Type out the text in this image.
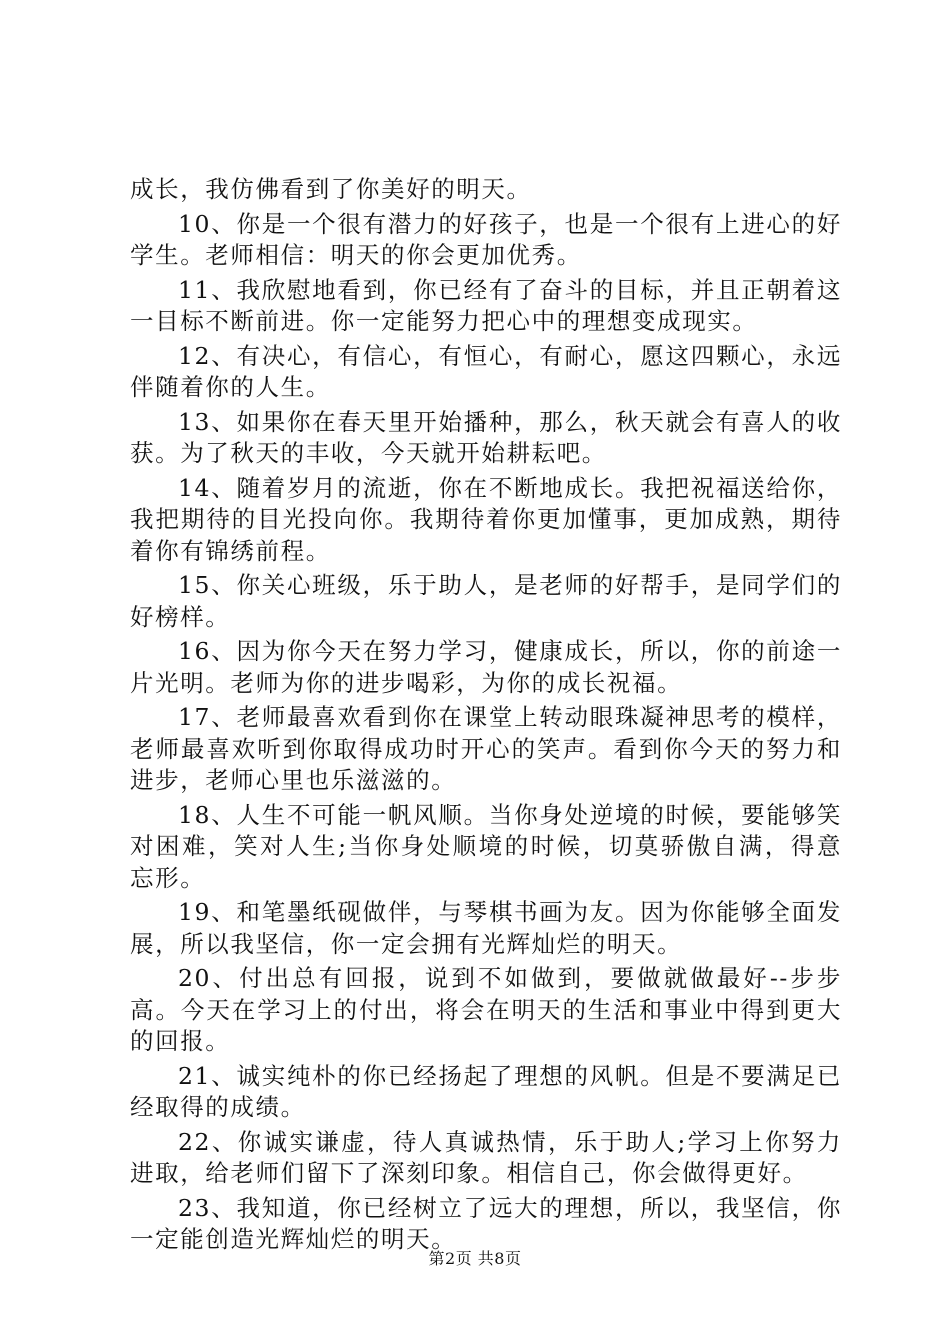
成长，我仿佛看到了你美好的明天。

10、你是一个很有潜力的好孩子，也是一个很有上进心的好学生。老师相信：明天的你会更加优秀。

11、我欣慰地看到，你已经有了奋斗的目标，并且正朝着这一目标不断前进。你一定能努力把心中的理想变成现实。

12、有决心，有信心，有恒心，有耐心，愿这四颗心，永远伴随着你的人生。

13、如果你在春天里开始播种，那么，秋天就会有喜人的收获。为了秋天的丰收，今天就开始耕耘吧。

14、随着岁月的流逝，你在不断地成长。我把祝福送给你，我把期待的目光投向你。我期待着你更加懂事，更加成熟，期待着你有锦绣前程。

15、你关心班级，乐于助人，是老师的好帮手，是同学们的好榜样。

16、因为你今天在努力学习，健康成长，所以，你的前途一片光明。老师为你的进步喝彩，为你的成长祝福。

17、老师最喜欢看到你在课堂上转动眼珠凝神思考的模样，老师最喜欢听到你取得成功时开心的笑声。看到你今天的努力和进步，老师心里也乐滋滋的。

18、人生不可能一帆风顺。当你身处逆境的时候，要能够笑对困难，笑对人生;当你身处顺境的时候，切莫骄傲自满，得意忘形。

19、和笔墨纸砚做伴，与琴棋书画为友。因为你能够全面发展，所以我坚信，你一定会拥有光辉灿烂的明天。

20、付出总有回报，说到不如做到，要做就做最好--步步高。今天在学习上的付出，将会在明天的生活和事业中得到更大的回报。

21、诚实纯朴的你已经扬起了理想的风帆。但是不要满足已经取得的成绩。

22、你诚实谦虚，待人真诚热情，乐于助人;学习上你努力进取，给老师们留下了深刻印象。相信自己，你会做得更好。

23、我知道，你已经树立了远大的理想，所以，我坚信，你一定能创造光辉灿烂的明天。

第2页 共8页
